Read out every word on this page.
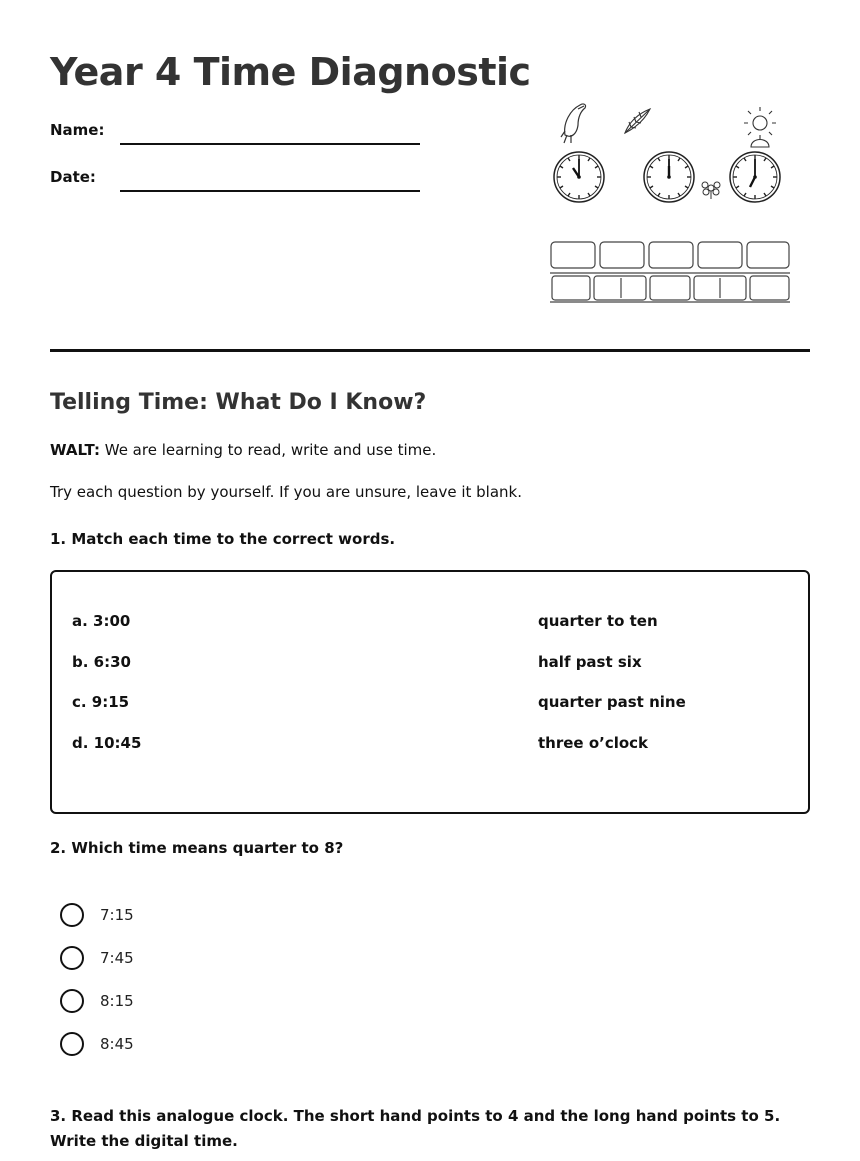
Year 4 Time Diagnostic
Name:
Date:
Telling Time: What Do I Know?
WALT: We are learning to read, write and use time.
Try each question by yourself. If you are unsure, leave it blank.
1. Match each time to the correct words.
a. 3:00
b. 6:30
c. 9:15
d. 10:45
quarter to ten
half past six
quarter past nine
three o’clock
2. Which time means quarter to 8?
7:15
7:45
8:15
8:45
3. Read this analogue clock. The short hand points to 4 and the long hand points to 5. Write the digital time.
